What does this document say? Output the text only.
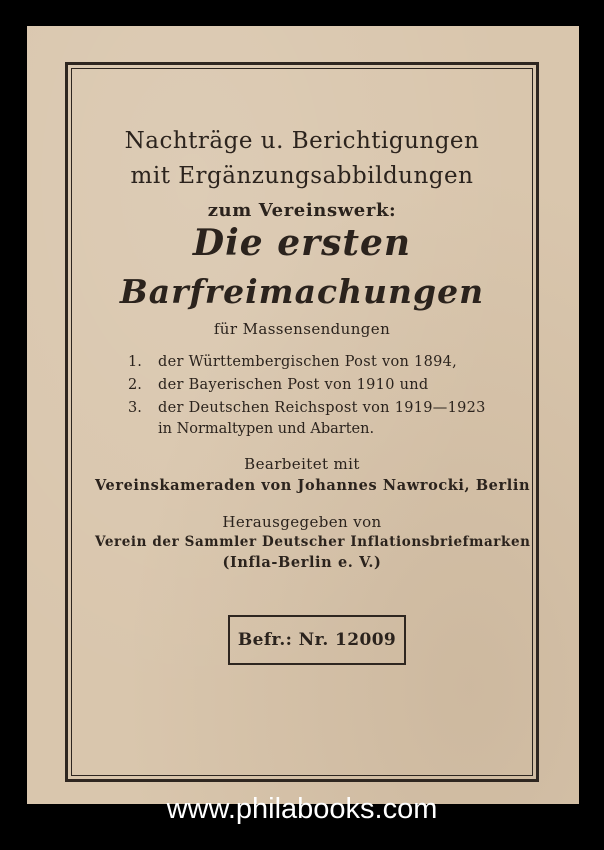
Nachträge u. Berichtigungen
mit Ergänzungsabbildungen
zum Vereinswerk:
Die ersten
Barfreimachungen
für Massensendungen
1. der Württembergischen Post von 1894,
2. der Bayerischen Post von 1910 und
3. der Deutschen Reichspost von 1919—1923
in Normaltypen und Abarten.
Bearbeitet mit
Vereinskameraden von Johannes Nawrocki, Berlin
Herausgegeben von
Verein der Sammler Deutscher Inflationsbriefmarken
(Infla-Berlin e. V.)
Befr.: Nr. 12009
www.philabooks.com
